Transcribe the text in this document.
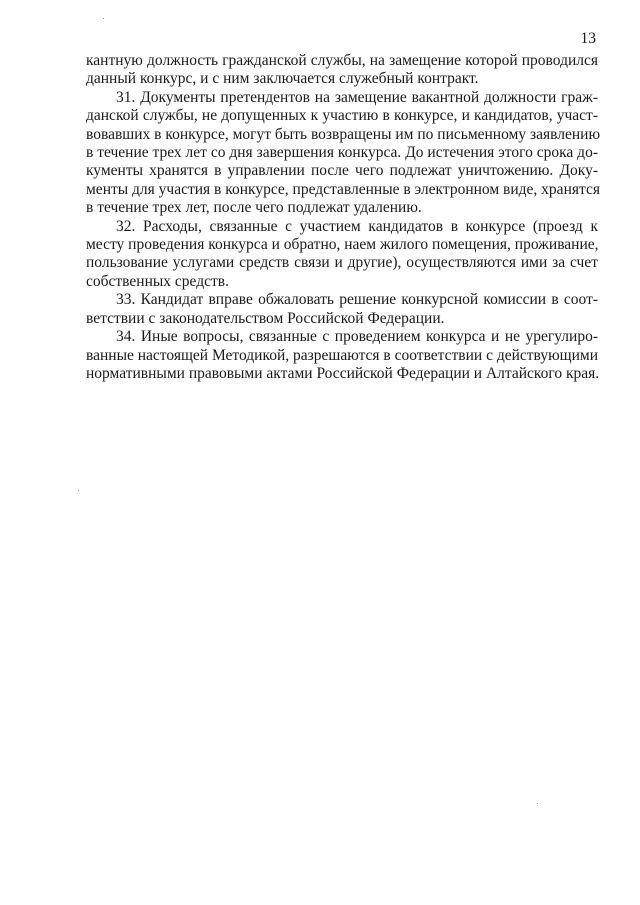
13

кантную должность гражданской службы, на замещение которой проводился
данный конкурс, и с ним заключается служебный контракт.

31. Документы претендентов на замещение вакантной должности граж-
данской службы, не допущенных к участию в конкурсе, и кандидатов, участ-
вовавших в конкурсе, могут быть возвращены им по письменному заявлению
в течение трех лет со дня завершения конкурса. До истечения этого срока до-
кументы хранятся в управлении после чего подлежат уничтожению. Доку-
менты для участия в конкурсе, представленные в электронном виде, хранятся
в течение трех лет, после чего подлежат удалению.

32. Расходы, связанные с участием кандидатов в конкурсе (проезд к
месту проведения конкурса и обратно, наем жилого помещения, проживание,
пользование услугами средств связи и другие), осуществляются ими за счет
собственных средств.

33. Кандидат вправе обжаловать решение конкурсной комиссии в соот-
ветствии с законодательством Российской Федерации.

34. Иные вопросы, связанные с проведением конкурса и не урегулиро-
ванные настоящей Методикой, разрешаются в соответствии с действующими
нормативными правовыми актами Российской Федерации и Алтайского края.
